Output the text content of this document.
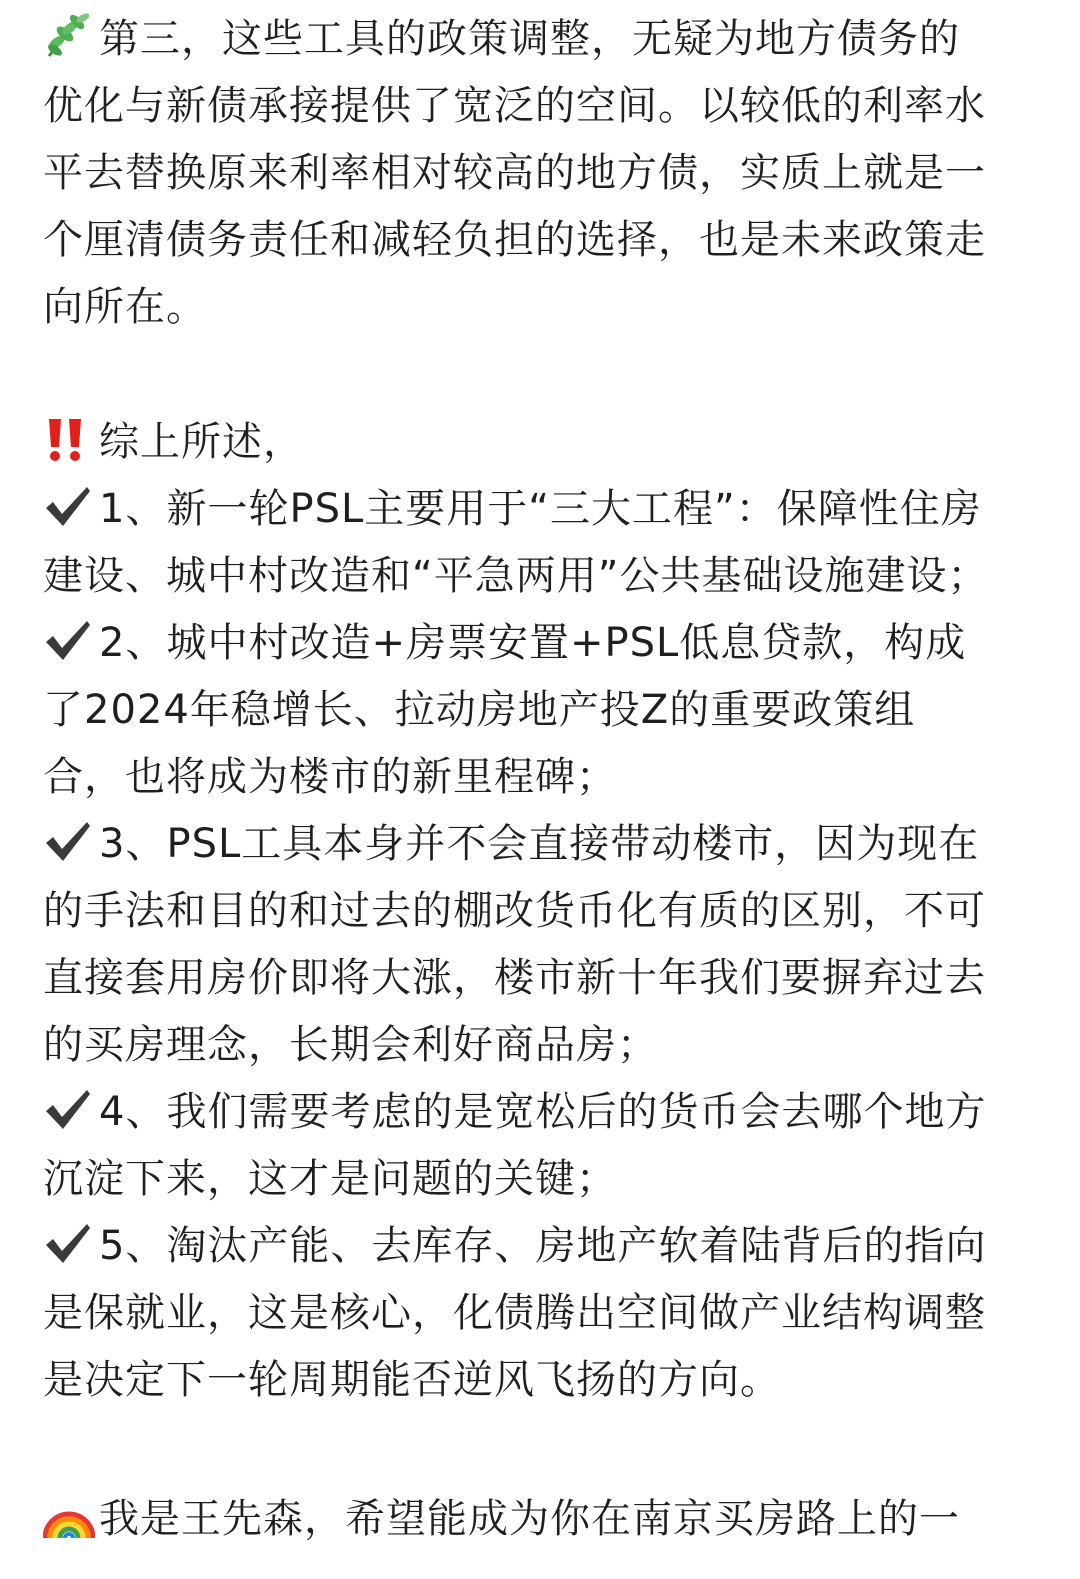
第三，这些工具的政策调整，无疑为地方债务的
优化与新债承接提供了宽泛的空间。以较低的利率水
平去替换原来利率相对较高的地方债，实质上就是一
个厘清债务责任和减轻负担的选择，也是未来政策走
向所在。
综上所述，
1、新一轮PSL主要用于“三大工程”：保障性住房
建设、城中村改造和“平急两用”公共基础设施建设；
2、城中村改造+房票安置+PSL低息贷款，构成
了2024年稳增长、拉动房地产投Z的重要政策组
合，也将成为楼市的新里程碑；
3、PSL工具本身并不会直接带动楼市，因为现在
的手法和目的和过去的棚改货币化有质的区别，不可
直接套用房价即将大涨，楼市新十年我们要摒弃过去
的买房理念，长期会利好商品房；
4、我们需要考虑的是宽松后的货币会去哪个地方
沉淀下来，这才是问题的关键；
5、淘汰产能、去库存、房地产软着陆背后的指向
是保就业，这是核心，化债腾出空间做产业结构调整
是决定下一轮周期能否逆风飞扬的方向。
我是王先森，希望能成为你在南京买房路上的一
